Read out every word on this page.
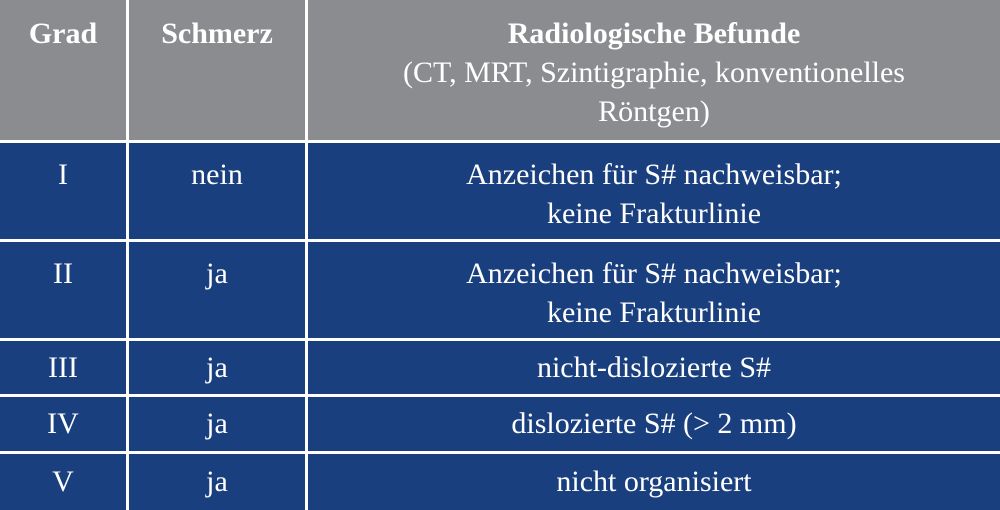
Grad	Schmerz	Radiologische Befunde
(CT, MRT, Szintigraphie, konventionelles
Röntgen)

I	nein	Anzeichen für S# nachweisbar;
keine Frakturlinie

II	ja	Anzeichen für S# nachweisbar;
keine Frakturlinie

III	ja	nicht-dislozierte S#
IV	ja	dislozierte S# (> 2 mm)
V	ja	nicht organisiert
